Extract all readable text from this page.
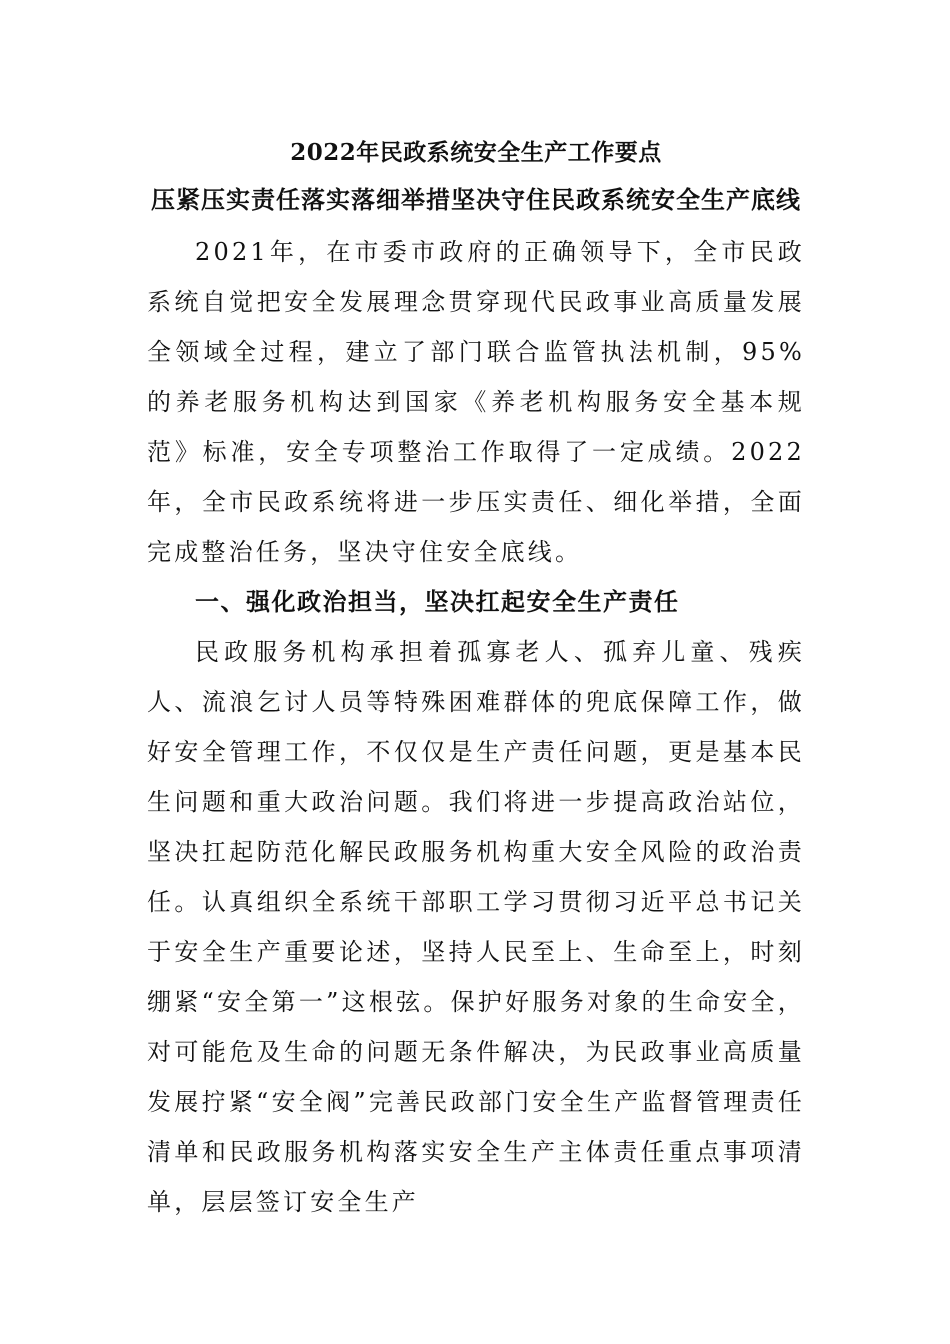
2022年民政系统安全生产工作要点
压紧压实责任落实落细举措坚决守住民政系统安全生产底线

2021年，在市委市政府的正确领导下，全市民政系统自觉把安全发展理念贯穿现代民政事业高质量发展全领域全过程，建立了部门联合监管执法机制，95%的养老服务机构达到国家《养老机构服务安全基本规范》标准，安全专项整治工作取得了一定成绩。2022年，全市民政系统将进一步压实责任、细化举措，全面完成整治任务，坚决守住安全底线。

一、强化政治担当，坚决扛起安全生产责任

民政服务机构承担着孤寡老人、孤弃儿童、残疾人、流浪乞讨人员等特殊困难群体的兜底保障工作，做好安全管理工作，不仅仅是生产责任问题，更是基本民生问题和重大政治问题。我们将进一步提高政治站位，坚决扛起防范化解民政服务机构重大安全风险的政治责任。认真组织全系统干部职工学习贯彻习近平总书记关于安全生产重要论述，坚持人民至上、生命至上，时刻绷紧“安全第一”这根弦。保护好服务对象的生命安全，对可能危及生命的问题无条件解决，为民政事业高质量发展拧紧“安全阀”完善民政部门安全生产监督管理责任清单和民政服务机构落实安全生产主体责任重点事项清单，层层签订安全生产
